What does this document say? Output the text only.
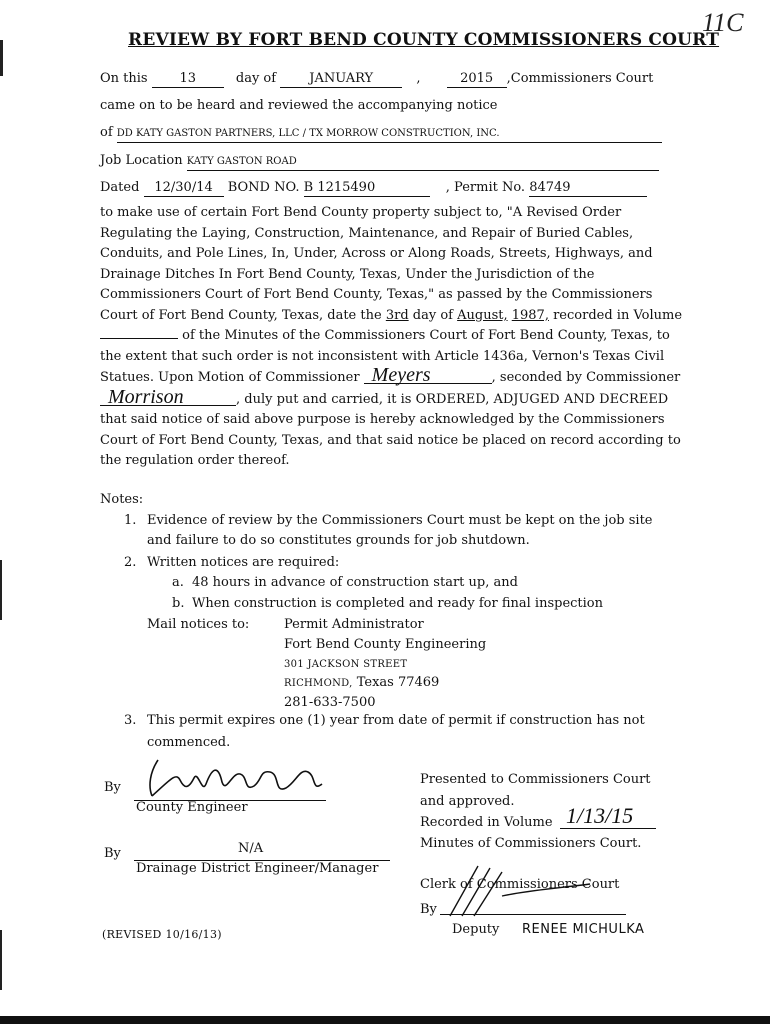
11C
REVIEW BY FORT BEND COUNTY COMMISSIONERS COURT
On this 13	day of	JANUARY	,	2015 ,Commissioners Court
came on to be heard and reviewed the accompanying notice
of DD KATY GASTON PARTNERS, LLC / TX MORROW CONSTRUCTION, INC.
Job Location KATY GASTON ROAD
Dated 12/30/14 BOND NO. B 1215490	, Permit No. 84749
to make use of certain Fort Bend County property subject to, "A Revised Order Regulating the Laying, Construction, Maintenance, and Repair of Buried Cables, Conduits, and Pole Lines, In, Under, Across or Along Roads, Streets, Highways, and Drainage Ditches In Fort Bend County, Texas, Under the Jurisdiction of the Commissioners Court of Fort Bend County, Texas," as passed by the Commissioners Court of Fort Bend County, Texas, date the 3rd day of August, 1987, recorded in Volume  of the Minutes of the Commissioners Court of Fort Bend County, Texas, to the extent that such order is not inconsistent with Article 1436a, Vernon's Texas Civil Statues. Upon Motion of Commissioner Meyers	, seconded by CommissionerMorrison	, duly put and carried, it is ORDERED, ADJUGED AND DECREED that said notice of said above purpose is hereby acknowledged by the Commissioners Court of Fort Bend County, Texas, and that said notice be placed on record according to the regulation order thereof.
Notes:
1. Evidence of review by the Commissioners Court must be kept on the job site
and failure to do so constitutes grounds for job shutdown.
2. Written notices are required:
a. 48 hours in advance of construction start up, and
b. When construction is completed and ready for final inspection
Mail notices to:	Permit Administrator
Fort Bend County Engineering
301 JACKSON STREET
RICHMOND, Texas 77469
281-633-7500
3. This permit expires one (1) year from date of permit if construction has not
commenced.
By
County Engineer
By	N/A
Drainage District Engineer/Manager
(REVISED 10/16/13)
Presented to Commissioners Court
and approved.
Recorded in Volume 1/13/15
Minutes of Commissioners Court.
Clerk of Commissioners Court
By
Deputy RENEE MICHULKA
